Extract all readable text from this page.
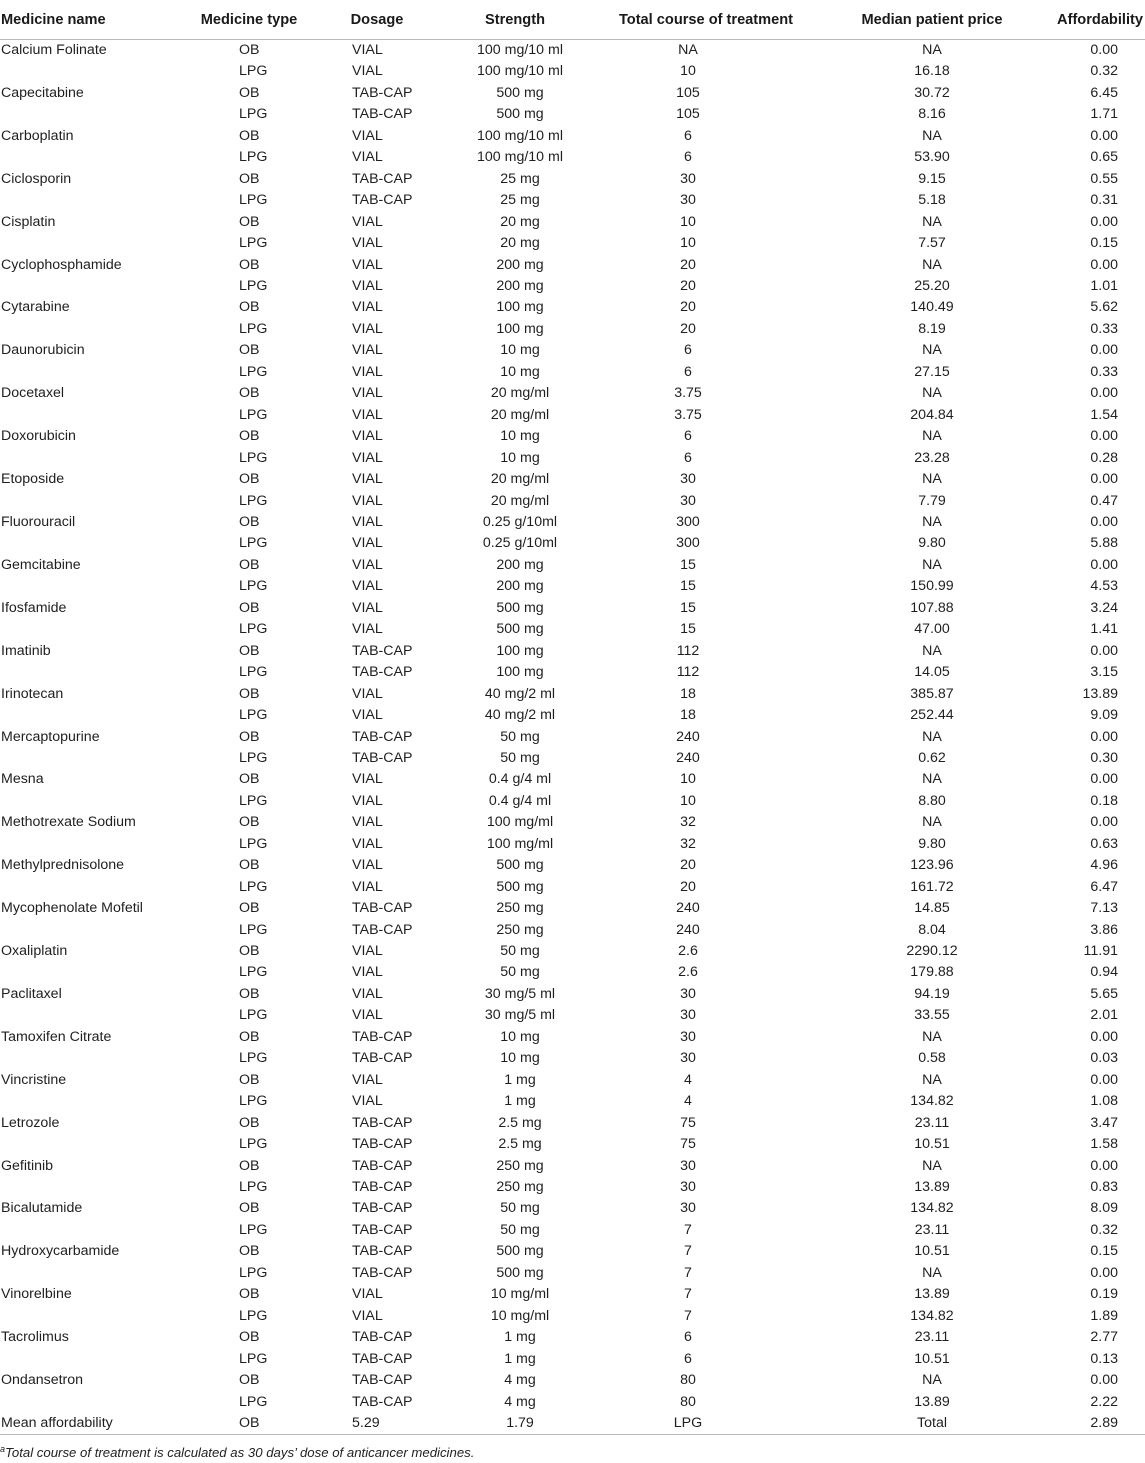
Medicine name	Medicine type	Dosage	Strength	Total course of treatment	Median patient price	Affordability
Calcium Folinate	OB	VIAL	100 mg/10 ml	NA	NA	0.00
	LPG	VIAL	100 mg/10 ml	10	16.18	0.32
Capecitabine	OB	TAB-CAP	500 mg	105	30.72	6.45
	LPG	TAB-CAP	500 mg	105	8.16	1.71
Carboplatin	OB	VIAL	100 mg/10 ml	6	NA	0.00
	LPG	VIAL	100 mg/10 ml	6	53.90	0.65
Ciclosporin	OB	TAB-CAP	25 mg	30	9.15	0.55
	LPG	TAB-CAP	25 mg	30	5.18	0.31
Cisplatin	OB	VIAL	20 mg	10	NA	0.00
	LPG	VIAL	20 mg	10	7.57	0.15
Cyclophosphamide	OB	VIAL	200 mg	20	NA	0.00
	LPG	VIAL	200 mg	20	25.20	1.01
Cytarabine	OB	VIAL	100 mg	20	140.49	5.62
	LPG	VIAL	100 mg	20	8.19	0.33
Daunorubicin	OB	VIAL	10 mg	6	NA	0.00
	LPG	VIAL	10 mg	6	27.15	0.33
Docetaxel	OB	VIAL	20 mg/ml	3.75	NA	0.00
	LPG	VIAL	20 mg/ml	3.75	204.84	1.54
Doxorubicin	OB	VIAL	10 mg	6	NA	0.00
	LPG	VIAL	10 mg	6	23.28	0.28
Etoposide	OB	VIAL	20 mg/ml	30	NA	0.00
	LPG	VIAL	20 mg/ml	30	7.79	0.47
Fluorouracil	OB	VIAL	0.25 g/10ml	300	NA	0.00
	LPG	VIAL	0.25 g/10ml	300	9.80	5.88
Gemcitabine	OB	VIAL	200 mg	15	NA	0.00
	LPG	VIAL	200 mg	15	150.99	4.53
Ifosfamide	OB	VIAL	500 mg	15	107.88	3.24
	LPG	VIAL	500 mg	15	47.00	1.41
Imatinib	OB	TAB-CAP	100 mg	112	NA	0.00
	LPG	TAB-CAP	100 mg	112	14.05	3.15
Irinotecan	OB	VIAL	40 mg/2 ml	18	385.87	13.89
	LPG	VIAL	40 mg/2 ml	18	252.44	9.09
Mercaptopurine	OB	TAB-CAP	50 mg	240	NA	0.00
	LPG	TAB-CAP	50 mg	240	0.62	0.30
Mesna	OB	VIAL	0.4 g/4 ml	10	NA	0.00
	LPG	VIAL	0.4 g/4 ml	10	8.80	0.18
Methotrexate Sodium	OB	VIAL	100 mg/ml	32	NA	0.00
	LPG	VIAL	100 mg/ml	32	9.80	0.63
Methylprednisolone	OB	VIAL	500 mg	20	123.96	4.96
	LPG	VIAL	500 mg	20	161.72	6.47
Mycophenolate Mofetil	OB	TAB-CAP	250 mg	240	14.85	7.13
	LPG	TAB-CAP	250 mg	240	8.04	3.86
Oxaliplatin	OB	VIAL	50 mg	2.6	2290.12	11.91
	LPG	VIAL	50 mg	2.6	179.88	0.94
Paclitaxel	OB	VIAL	30 mg/5 ml	30	94.19	5.65
	LPG	VIAL	30 mg/5 ml	30	33.55	2.01
Tamoxifen Citrate	OB	TAB-CAP	10 mg	30	NA	0.00
	LPG	TAB-CAP	10 mg	30	0.58	0.03
Vincristine	OB	VIAL	1 mg	4	NA	0.00
	LPG	VIAL	1 mg	4	134.82	1.08
Letrozole	OB	TAB-CAP	2.5 mg	75	23.11	3.47
	LPG	TAB-CAP	2.5 mg	75	10.51	1.58
Gefitinib	OB	TAB-CAP	250 mg	30	NA	0.00
	LPG	TAB-CAP	250 mg	30	13.89	0.83
Bicalutamide	OB	TAB-CAP	50 mg	30	134.82	8.09
	LPG	TAB-CAP	50 mg	7	23.11	0.32
Hydroxycarbamide	OB	TAB-CAP	500 mg	7	10.51	0.15
	LPG	TAB-CAP	500 mg	7	NA	0.00
Vinorelbine	OB	VIAL	10 mg/ml	7	13.89	0.19
	LPG	VIAL	10 mg/ml	7	134.82	1.89
Tacrolimus	OB	TAB-CAP	1 mg	6	23.11	2.77
	LPG	TAB-CAP	1 mg	6	10.51	0.13
Ondansetron	OB	TAB-CAP	4 mg	80	NA	0.00
	LPG	TAB-CAP	4 mg	80	13.89	2.22
Mean affordability	OB	5.29	1.79	LPG	Total	2.89
$^a$Total course of treatment is calculated as 30 days’ dose of anticancer medicines.
